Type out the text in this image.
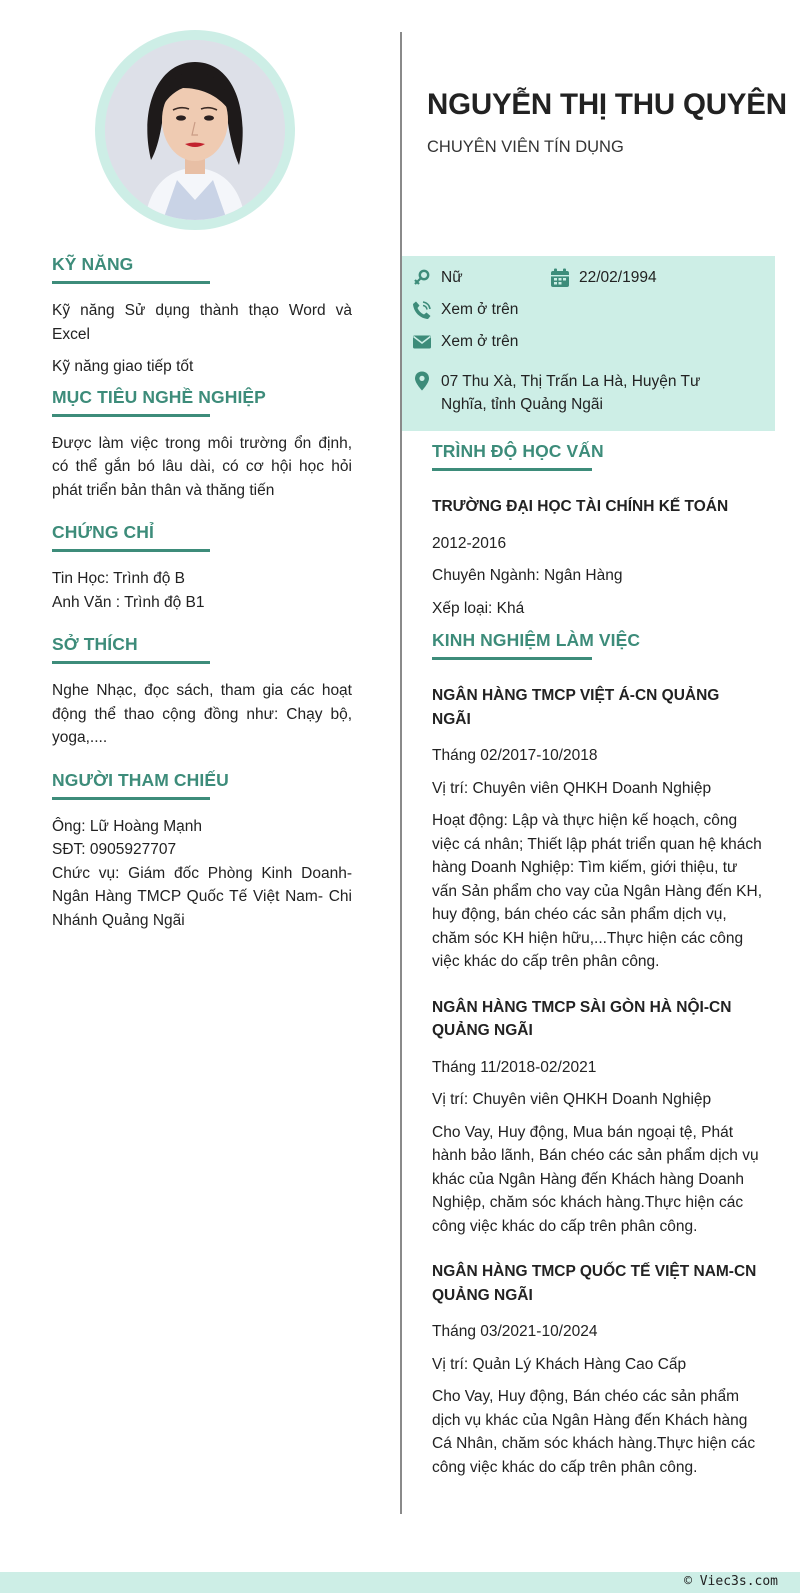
NGUYỄN THỊ THU QUYÊN
CHUYÊN VIÊN TÍN DỤNG
Nữ	22/02/1994
Xem ở trên
Xem ở trên
07 Thu Xà, Thị Trấn La Hà, Huyện Tư Nghĩa, tỉnh Quảng Ngãi
KỸ NĂNG

Kỹ năng Sử dụng thành thạo Word và Excel

Kỹ năng giao tiếp tốt

MỤC TIÊU NGHỀ NGHIỆP

Được làm việc trong môi trường ổn định, có thể gắn bó lâu dài, có cơ hội học hỏi phát triển bản thân và thăng tiến

CHỨNG CHỈ

Tin Học: Trình độ B

Anh Văn : Trình độ B1

SỞ THÍCH

Nghe Nhạc, đọc sách, tham gia các hoạt động thể thao cộng đồng như: Chạy bộ, yoga,....

NGƯỜI THAM CHIẾU

Ông: Lữ Hoàng Mạnh

SĐT: 0905927707

Chức vụ: Giám đốc Phòng Kinh Doanh- Ngân Hàng TMCP Quốc Tế Việt Nam- Chi Nhánh Quảng Ngãi

TRÌNH ĐỘ HỌC VẤN

TRƯỜNG ĐẠI HỌC TÀI CHÍNH KẾ TOÁN

2012-2016

Chuyên Ngành: Ngân Hàng

Xếp loại: Khá

KINH NGHIỆM LÀM VIỆC

NGÂN HÀNG TMCP VIỆT Á-CN QUẢNG NGÃI

Tháng 02/2017-10/2018

Vị trí: Chuyên viên QHKH Doanh Nghiệp

Hoạt động: Lập và thực hiện kế hoạch, công việc cá nhân; Thiết lập phát triển quan hệ khách hàng Doanh Nghiệp: Tìm kiếm, giới thiệu, tư vấn Sản phẩm cho vay của Ngân Hàng đến KH, huy động, bán chéo các sản phẩm dịch vụ, chăm sóc KH hiện hữu,...Thực hiện các công việc khác do cấp trên phân công.

NGÂN HÀNG TMCP SÀI GÒN HÀ NỘI-CN QUẢNG NGÃI

Tháng 11/2018-02/2021

Vị trí: Chuyên viên QHKH Doanh Nghiệp

Cho Vay, Huy động, Mua bán ngoại tệ, Phát hành bảo lãnh, Bán chéo các sản phẩm dịch vụ khác của Ngân Hàng đến Khách hàng Doanh Nghiệp, chăm sóc khách hàng.Thực hiện các công việc khác do cấp trên phân công.

NGÂN HÀNG TMCP QUỐC TẾ VIỆT NAM-CN QUẢNG NGÃI

Tháng 03/2021-10/2024

Vị trí: Quản Lý Khách Hàng Cao Cấp

Cho Vay, Huy động, Bán chéo các sản phẩm dịch vụ khác của Ngân Hàng đến Khách hàng Cá Nhân, chăm sóc khách hàng.Thực hiện các công việc khác do cấp trên phân công.

© Viec3s.com
